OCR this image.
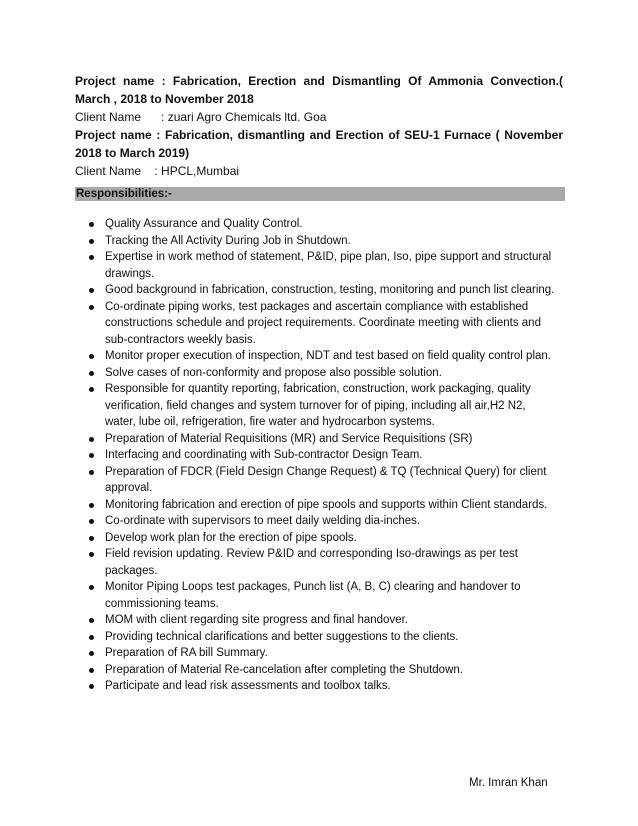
Project name : Fabrication, Erection and Dismantling Of Ammonia Convection.( March , 2018 to November 2018

Client Name      : zuari Agro Chemicals ltd. Goa

Project name : Fabrication, dismantling and Erection of SEU-1 Furnace ( November 2018 to March 2019)

Client Name    : HPCL,Mumbai

Responsibilities:-
Quality Assurance and Quality Control.
Tracking the All Activity During Job in Shutdown.
Expertise in work method of statement, P&ID, pipe plan, Iso, pipe support and structural drawings.
Good background in fabrication, construction, testing, monitoring and punch list clearing.
Co-ordinate piping works, test packages and ascertain compliance with established constructions schedule and project requirements. Coordinate meeting with clients and sub-contractors weekly basis.
Monitor proper execution of inspection, NDT and test based on field quality control plan.
Solve cases of non-conformity and propose also possible solution.
Responsible for quantity reporting, fabrication, construction, work packaging, quality verification, field changes and system turnover for of piping, including all air,H2 N2, water, lube oil, refrigeration, fire water and hydrocarbon systems.
Preparation of Material Requisitions (MR) and Service Requisitions (SR)
Interfacing and coordinating with Sub-contractor Design Team.
Preparation of FDCR (Field Design Change Request) & TQ (Technical Query) for client approval.
Monitoring fabrication and erection of pipe spools and supports within Client standards.
Co-ordinate with supervisors to meet daily welding dia-inches.
Develop work plan for the erection of pipe spools.
Field revision updating. Review P&ID and corresponding Iso-drawings as per test packages.
Monitor Piping Loops test packages, Punch list (A, B, C) clearing and handover to commissioning teams.
MOM with client regarding site progress and final handover.
Providing technical clarifications and better suggestions to the clients.
Preparation of RA bill Summary.
Preparation of Material Re-cancelation after completing the Shutdown.
Participate and lead risk assessments and toolbox talks.
Mr. Imran Khan
